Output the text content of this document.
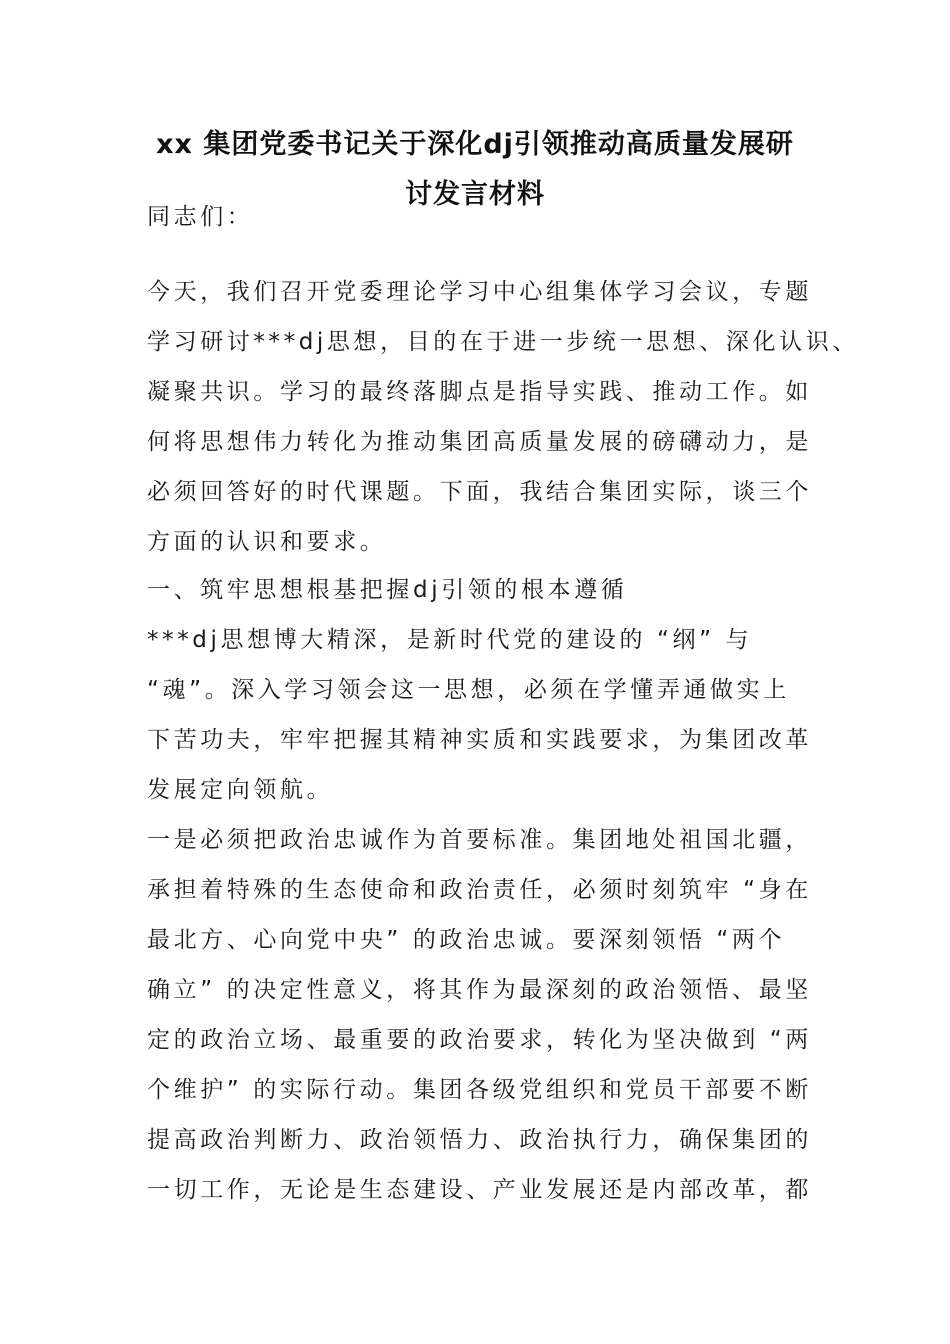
xx 集团党委书记关于深化dj引领推动高质量发展研
讨发言材料
同志们：
今天，我们召开党委理论学习中心组集体学习会议，专题
学习研讨***dj思想，目的在于进一步统一思想、深化认识、
凝聚共识。学习的最终落脚点是指导实践、推动工作。如
何将思想伟力转化为推动集团高质量发展的磅礴动力，是
必须回答好的时代课题。下面，我结合集团实际，谈三个
方面的认识和要求。
一、筑牢思想根基把握dj引领的根本遵循
***dj思想博大精深，是新时代党的建设的 “纲” 与
“魂”。深入学习领会这一思想，必须在学懂弄通做实上
下苦功夫，牢牢把握其精神实质和实践要求，为集团改革
发展定向领航。
一是必须把政治忠诚作为首要标准。集团地处祖国北疆，
承担着特殊的生态使命和政治责任，必须时刻筑牢 “身在
最北方、心向党中央” 的政治忠诚。要深刻领悟 “两个
确立” 的决定性意义，将其作为最深刻的政治领悟、最坚
定的政治立场、最重要的政治要求，转化为坚决做到 “两
个维护” 的实际行动。集团各级党组织和党员干部要不断
提高政治判断力、政治领悟力、政治执行力，确保集团的
一切工作，无论是生态建设、产业发展还是内部改革，都
